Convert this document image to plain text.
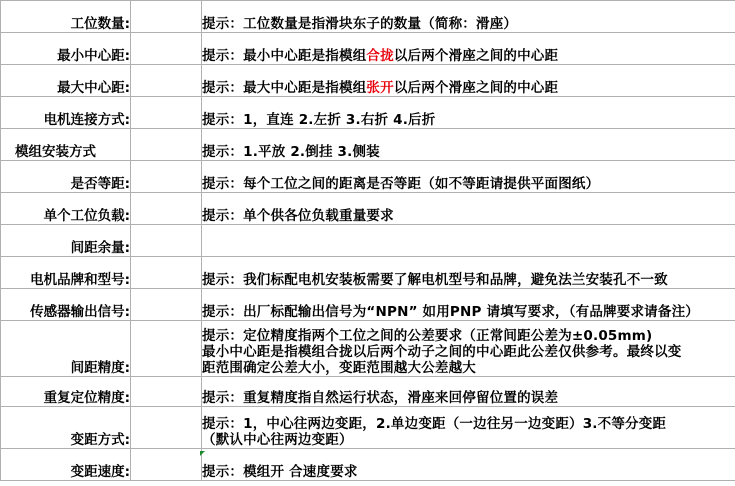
工位数量:		提示：工位数量是指滑块东子的数量（简称：滑座）
最小中心距:		提示：最小中心距是指模组合拢以后两个滑座之间的中心距
最大中心距:		提示：最大中心距是指模组张开以后两个滑座之间的中心距
电机连接方式:		提示：1，直连 2.左折 3.右折 4.后折
模组安装方式		提示：1.平放 2.倒挂 3.侧装
是否等距:		提示：每个工位之间的距离是否等距（如不等距请提供平面图纸）
单个工位负载:		提示：单个供各位负载重量要求
间距余量:		
电机品牌和型号:		提示：我们标配电机安装板需要了解电机型号和品牌，避免法兰安装孔不一致
传感器输出信号:		提示：出厂标配输出信号为“NPN” 如用PNP 请填写要求，（有品牌要求请备注）
间距精度:		提示：定位精度指两个工位之间的公差要求（正常间距公差为±0.05mm)
最小中心距是指模组合拢以后两个动子之间的中心距此公差仅供参考。最终以变
距范围确定公差大小，变距范围越大公差越大

重复定位精度:		提示：重复精度指自然运行状态，滑座来回停留位置的误差
变距方式:		提示：1，中心往两边变距，2.单边变距（一边往另一边变距）3.不等分变距
（默认中心往两边变距）

变距速度:		提示：模组开 合速度要求
